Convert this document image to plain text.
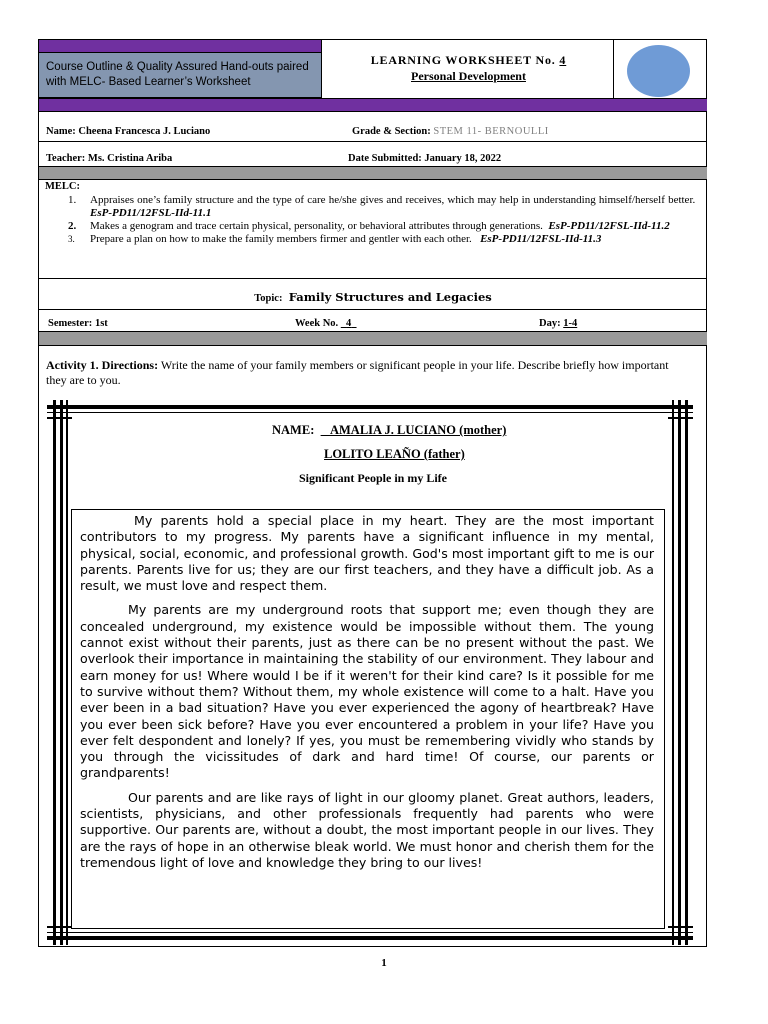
Course Outline & Quality Assured Hand-outs paired with MELC- Based Learner’s Worksheet
LEARNING WORKSHEET No. 4
Personal Development
Name: Cheena Francesca J. Luciano	Grade & Section: STEM 11- BERNOULLI
Teacher: Ms. Cristina Ariba	Date Submitted: January 18, 2022
MELC:
1.	Appraises one’s family structure and the type of care he/she gives and receives, which may help in understanding himself/herself better.  EsP-PD11/12FSL-IId-11.1
2.	Makes a genogram and trace certain physical, personality, or behavioral attributes through generations. EsP-PD11/12FSL-IId-11.2
3.	Prepare a plan on how to make the family members firmer and gentler with each other. EsP-PD11/12FSL-IId-11.3
Topic: Family Structures and Legacies
Semester: 1st	Week No. 4	Day: 1-4
Activity 1. Directions: Write the name of your family members or significant people in your life. Describe briefly how important they are to you.
NAME: AMALIA J. LUCIANO (mother)
LOLITO LEAÑO (father)
Significant People in my Life

My parents hold a special place in my heart. They are the most important contributors to my progress. My parents have a significant influence in my mental, physical, social, economic, and professional growth. God's most important gift to me is our parents. Parents live for us; they are our first teachers, and they have a difficult job. As a result, we must love and respect them.

My parents are my underground roots that support me; even though they are concealed underground, my existence would be impossible without them. The young cannot exist without their parents, just as there can be no present without the past. We overlook their importance in maintaining the stability of our environment. They labour and earn money for us! Where would I be if it weren't for their kind care? Is it possible for me to survive without them? Without them, my whole existence will come to a halt. Have you ever been in a bad situation? Have you ever experienced the agony of heartbreak? Have you ever been sick before? Have you ever encountered a problem in your life? Have you ever felt despondent and lonely? If yes, you must be remembering vividly who stands by you through the vicissitudes of dark and hard time! Of course, our parents or grandparents!

Our parents and are like rays of light in our gloomy planet. Great authors, leaders, scientists, physicians, and other professionals frequently had parents who were supportive. Our parents are, without a doubt, the most important people in our lives. They are the rays of hope in an otherwise bleak world. We must honor and cherish them for the tremendous light of love and knowledge they bring to our lives!

1
